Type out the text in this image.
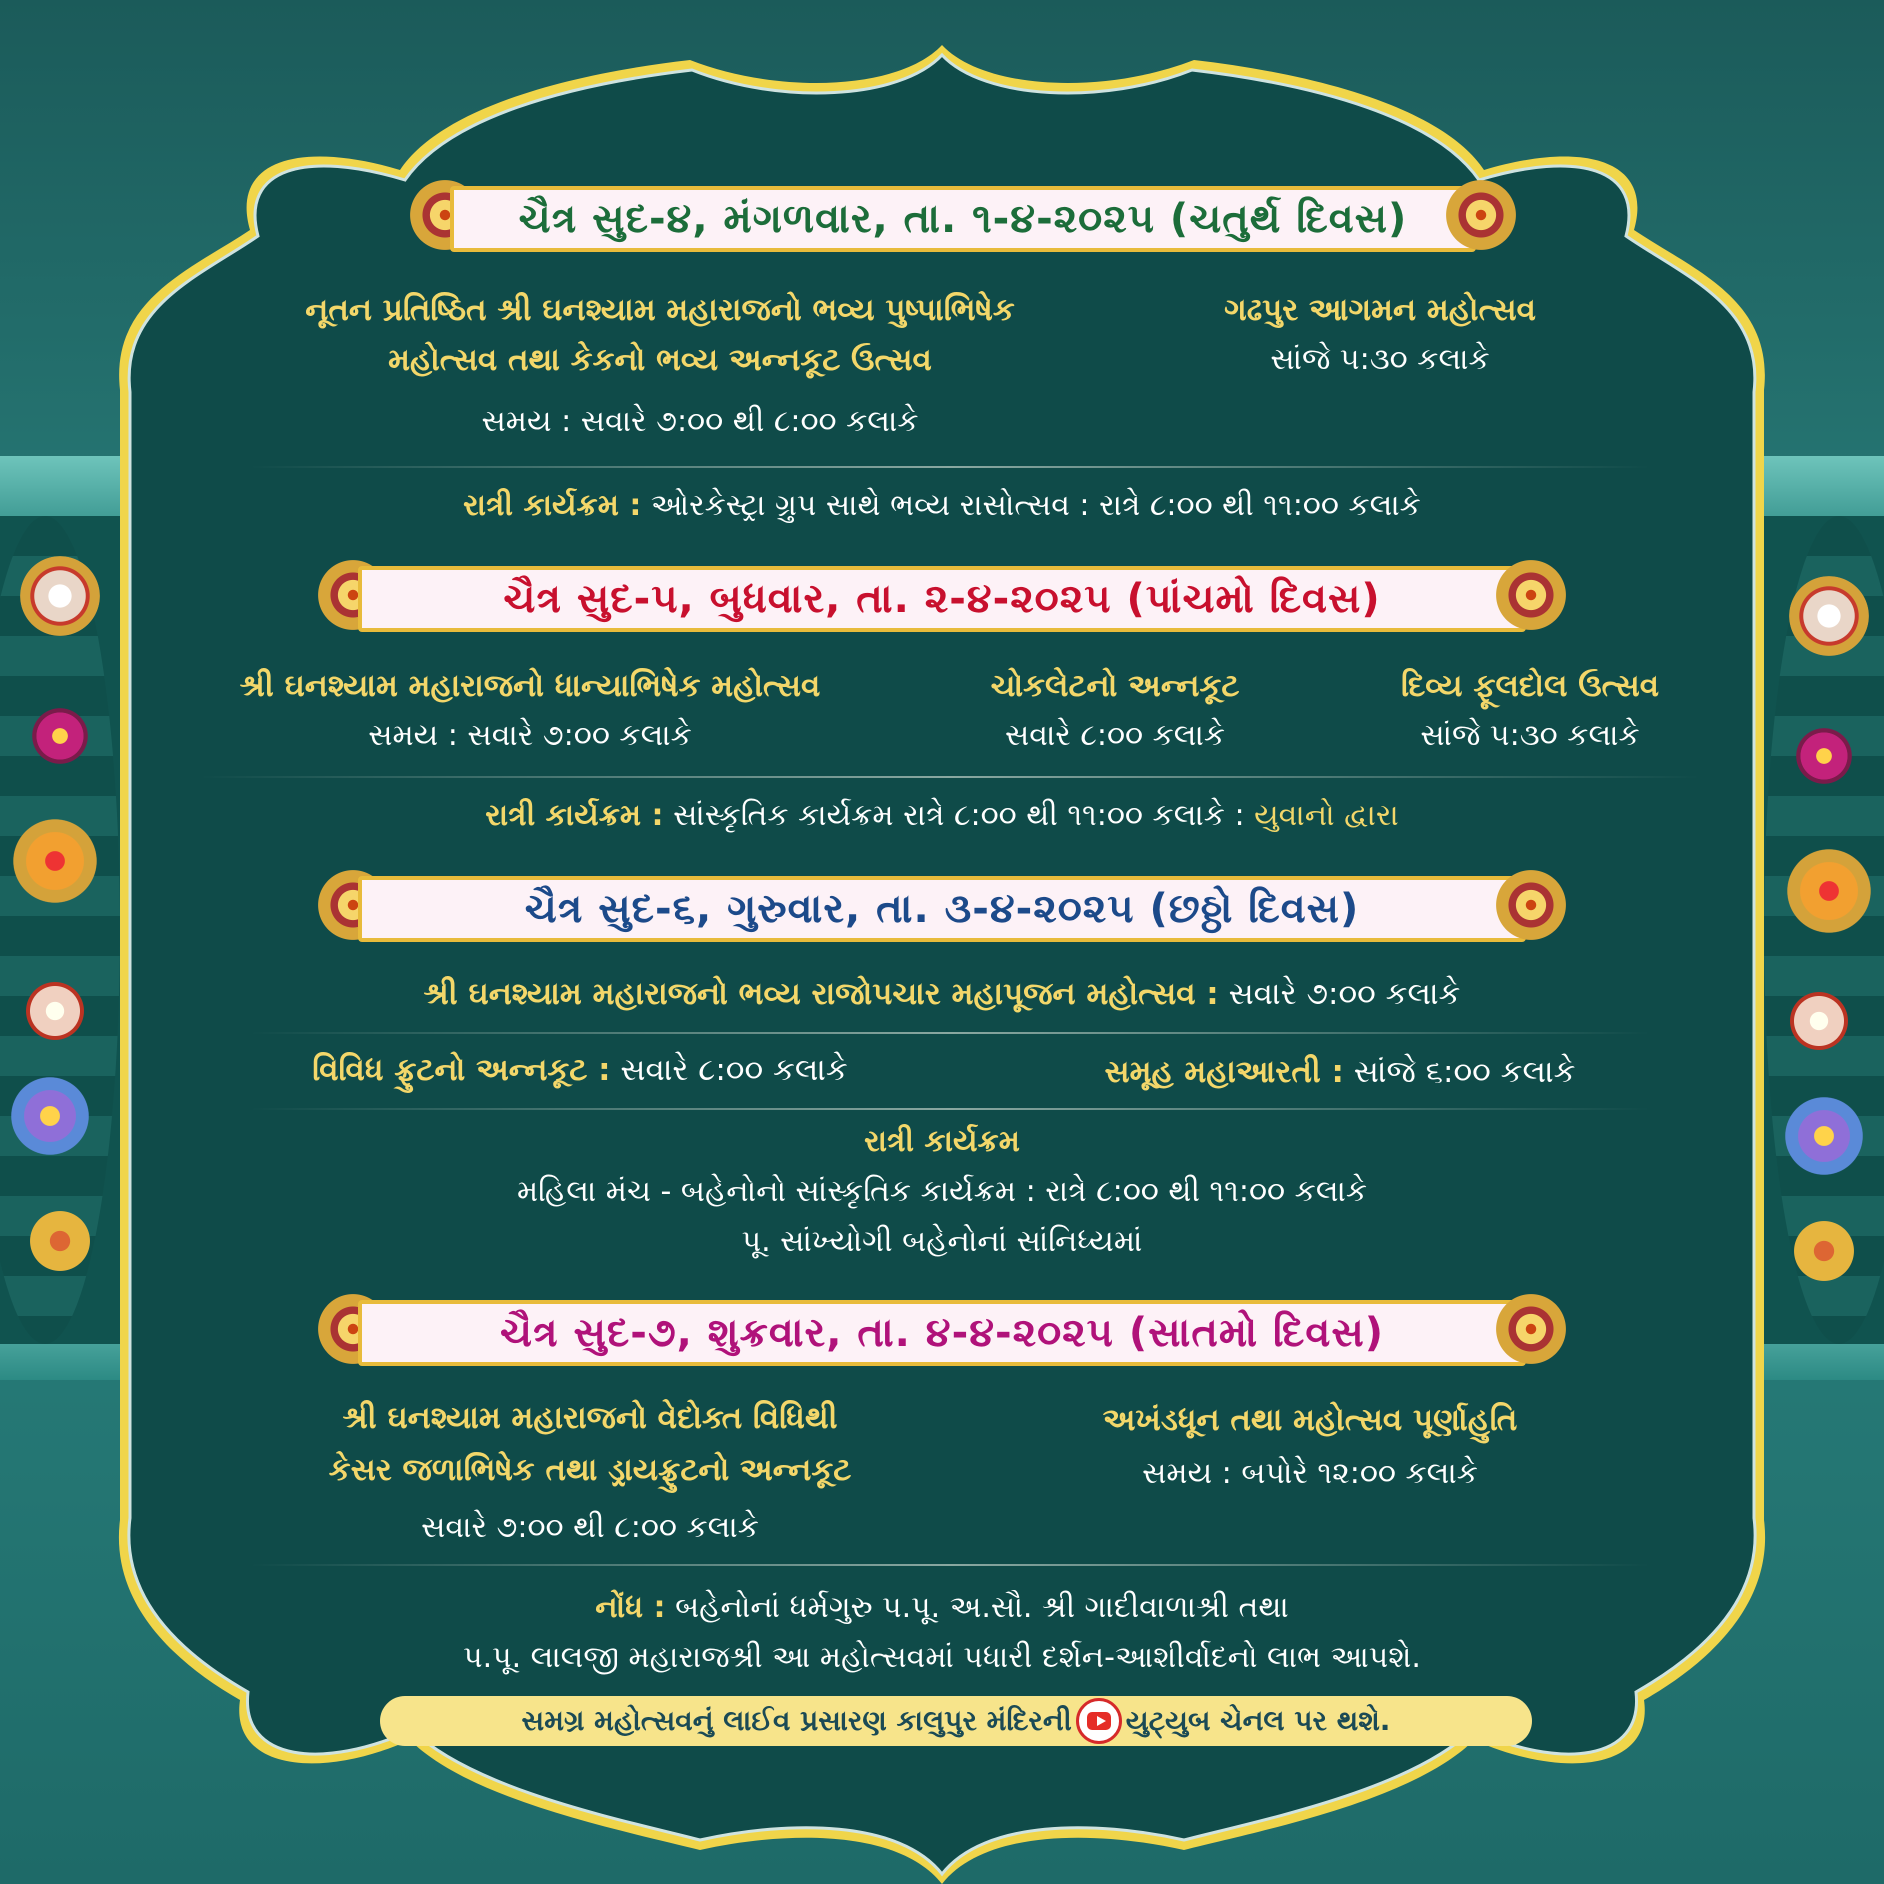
ચૈત્ર સુદ-૪, મંગળવાર, તા. ૧-૪-૨૦૨૫ (ચતુર્થ દિવસ)
નૂતન પ્રતિષ્ઠિત શ્રી ઘનશ્યામ મહારાજનો ભવ્ય પુષ્પાભિષેક
મહોત્સવ તથા કેકનો ભવ્ય અન્નકૂટ ઉત્સવ
સમય : સવારે ૭:૦૦ થી ૮:૦૦ કલાકે
ગઢપુર આગમન મહોત્સવ
સાંજે ૫:૩૦ કલાકે
રાત્રી કાર્યક્રમ : ઓરકેસ્ટ્રા ગ્રુપ સાથે ભવ્ય રાસોત્સવ : રાત્રે ૮:૦૦ થી ૧૧:૦૦ કલાકે
ચૈત્ર સુદ-૫, બુધવાર, તા. ૨-૪-૨૦૨૫ (પાંચમો દિવસ)
શ્રી ઘનશ્યામ મહારાજનો ધાન્યાભિષેક મહોત્સવ
સમય : સવારે ૭:૦૦ કલાકે
ચોકલેટનો અન્નકૂટ
સવારે ૮:૦૦ કલાકે
દિવ્ય ફૂલદોલ ઉત્સવ
સાંજે ૫:૩૦ કલાકે
રાત્રી કાર્યક્રમ : સાંસ્કૃતિક કાર્યક્રમ રાત્રે ૮:૦૦ થી ૧૧:૦૦ કલાકે : યુવાનો દ્વારા
ચૈત્ર સુદ-૬, ગુરુવાર, તા. ૩-૪-૨૦૨૫ (છઠ્ઠો દિવસ)
શ્રી ઘનશ્યામ મહારાજનો ભવ્ય રાજોપચાર મહાપૂજન મહોત્સવ : સવારે ૭:૦૦ કલાકે
વિવિધ ફ્રુટનો અન્નકૂટ : સવારે ૮:૦૦ કલાકે	સમૂહ મહાઆરતી : સાંજે ૬:૦૦ કલાકે
રાત્રી કાર્યક્રમ
મહિલા મંચ - બહેનોનો સાંસ્કૃતિક કાર્યક્રમ : રાત્રે ૮:૦૦ થી ૧૧:૦૦ કલાકે
પૂ. સાંખ્યોગી બહેનોનાં સાંનિધ્યમાં
ચૈત્ર સુદ-૭, શુક્રવાર, તા. ૪-૪-૨૦૨૫ (સાતમો દિવસ)
શ્રી ઘનશ્યામ મહારાજનો વેદોક્ત વિધિથી
કેસર જળાભિષેક તથા ડ્રાયફ્રુટનો અન્નકૂટ
સવારે ૭:૦૦ થી ૮:૦૦ કલાકે
અખંડધૂન તથા મહોત્સવ પૂર્ણાહુતિ
સમય : બપોરે ૧૨:૦૦ કલાકે
નોંધ : બહેનોનાં ધર્મગુરુ પ.પૂ. અ.સૌ. શ્રી ગાદીવાળાશ્રી તથા
પ.પૂ. લાલજી મહારાજશ્રી આ મહોત્સવમાં પધારી દર્શન-આશીર્વાદનો લાભ આપશે.
સમગ્ર મહોત્સવનું લાઈવ પ્રસારણ કાલુપુર મંદિરની યુટ્યુબ ચેનલ પર થશે.
